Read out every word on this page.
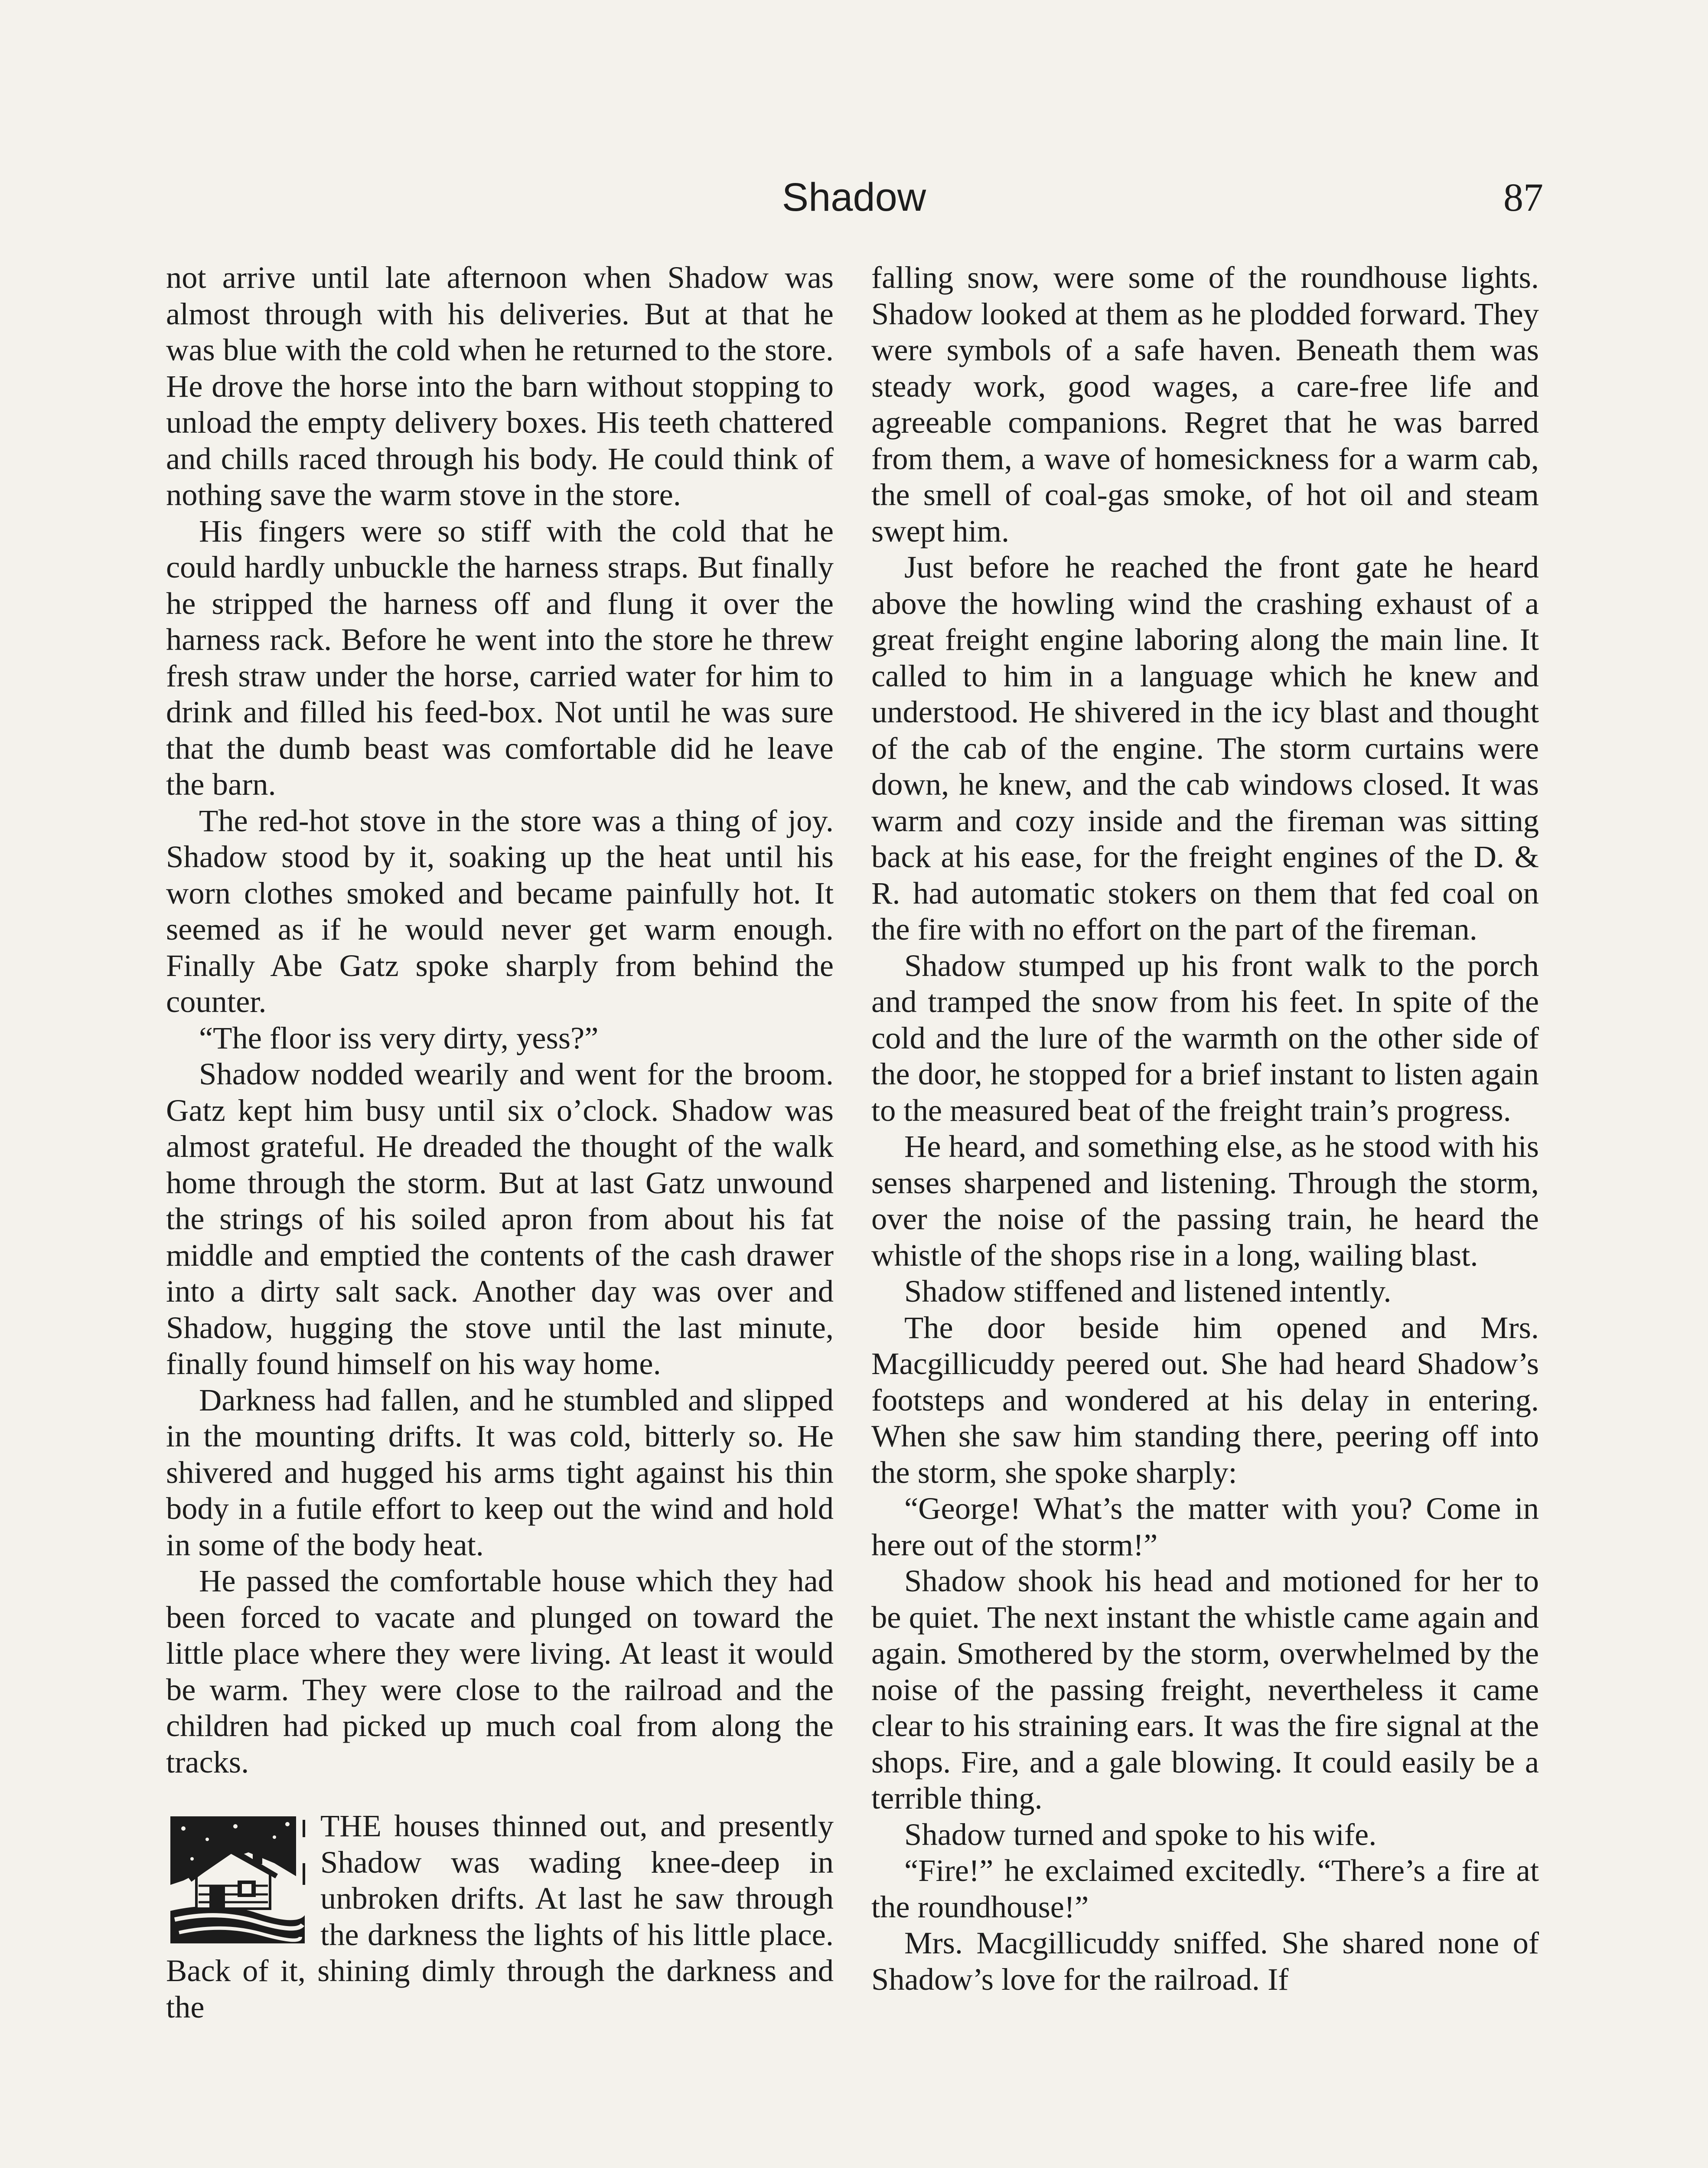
Shadow	87

not arrive until late afternoon when Shadow was almost through with his deliveries. But at that he was blue with the cold when he returned to the store. He drove the horse into the barn without stopping to unload the empty delivery boxes. His teeth chattered and chills raced through his body. He could think of nothing save the warm stove in the store.

His fingers were so stiff with the cold that he could hardly unbuckle the harness straps. But finally he stripped the harness off and flung it over the harness rack. Before he went into the store he threw fresh straw under the horse, carried water for him to drink and filled his feed-box. Not until he was sure that the dumb beast was comfortable did he leave the barn.

The red-hot stove in the store was a thing of joy. Shadow stood by it, soaking up the heat until his worn clothes smoked and became painfully hot. It seemed as if he would never get warm enough. Finally Abe Gatz spoke sharply from behind the counter.

“The floor iss very dirty, yess?”

Shadow nodded wearily and went for the broom. Gatz kept him busy until six o’clock. Shadow was almost grateful. He dreaded the thought of the walk home through the storm. But at last Gatz unwound the strings of his soiled apron from about his fat middle and emptied the contents of the cash drawer into a dirty salt sack. Another day was over and Shadow, hugging the stove until the last minute, finally found himself on his way home.

Darkness had fallen, and he stumbled and slipped in the mounting drifts. It was cold, bitterly so. He shivered and hugged his arms tight against his thin body in a futile effort to keep out the wind and hold in some of the body heat.

He passed the comfortable house which they had been forced to vacate and plunged on toward the little place where they were living. At least it would be warm. They were close to the railroad and the children had picked up much coal from along the tracks.

THE houses thinned out, and presently Shadow was wading knee-deep in unbroken drifts. At last he saw through the darkness the lights of his little place. Back of it, shining dimly through the darkness and the

falling snow, were some of the roundhouse lights. Shadow looked at them as he plodded forward. They were symbols of a safe haven. Beneath them was steady work, good wages, a care-free life and agreeable companions. Regret that he was barred from them, a wave of homesickness for a warm cab, the smell of coal-gas smoke, of hot oil and steam swept him.

Just before he reached the front gate he heard above the howling wind the crashing exhaust of a great freight engine laboring along the main line. It called to him in a language which he knew and understood. He shivered in the icy blast and thought of the cab of the engine. The storm curtains were down, he knew, and the cab windows closed. It was warm and cozy inside and the fireman was sitting back at his ease, for the freight engines of the D. & R. had automatic stokers on them that fed coal on the fire with no effort on the part of the fireman.

Shadow stumped up his front walk to the porch and tramped the snow from his feet. In spite of the cold and the lure of the warmth on the other side of the door, he stopped for a brief instant to listen again to the measured beat of the freight train’s progress.

He heard, and something else, as he stood with his senses sharpened and listening. Through the storm, over the noise of the passing train, he heard the whistle of the shops rise in a long, wailing blast.

Shadow stiffened and listened intently.

The door beside him opened and Mrs. Macgillicuddy peered out. She had heard Shadow’s footsteps and wondered at his delay in entering. When she saw him standing there, peering off into the storm, she spoke sharply:

“George! What’s the matter with you? Come in here out of the storm!”

Shadow shook his head and motioned for her to be quiet. The next instant the whistle came again and again. Smothered by the storm, overwhelmed by the noise of the passing freight, nevertheless it came clear to his straining ears. It was the fire signal at the shops. Fire, and a gale blowing. It could easily be a terrible thing.

Shadow turned and spoke to his wife.

“Fire!” he exclaimed excitedly. “There’s a fire at the roundhouse!”

Mrs. Macgillicuddy sniffed. She shared none of Shadow’s love for the railroad. If
